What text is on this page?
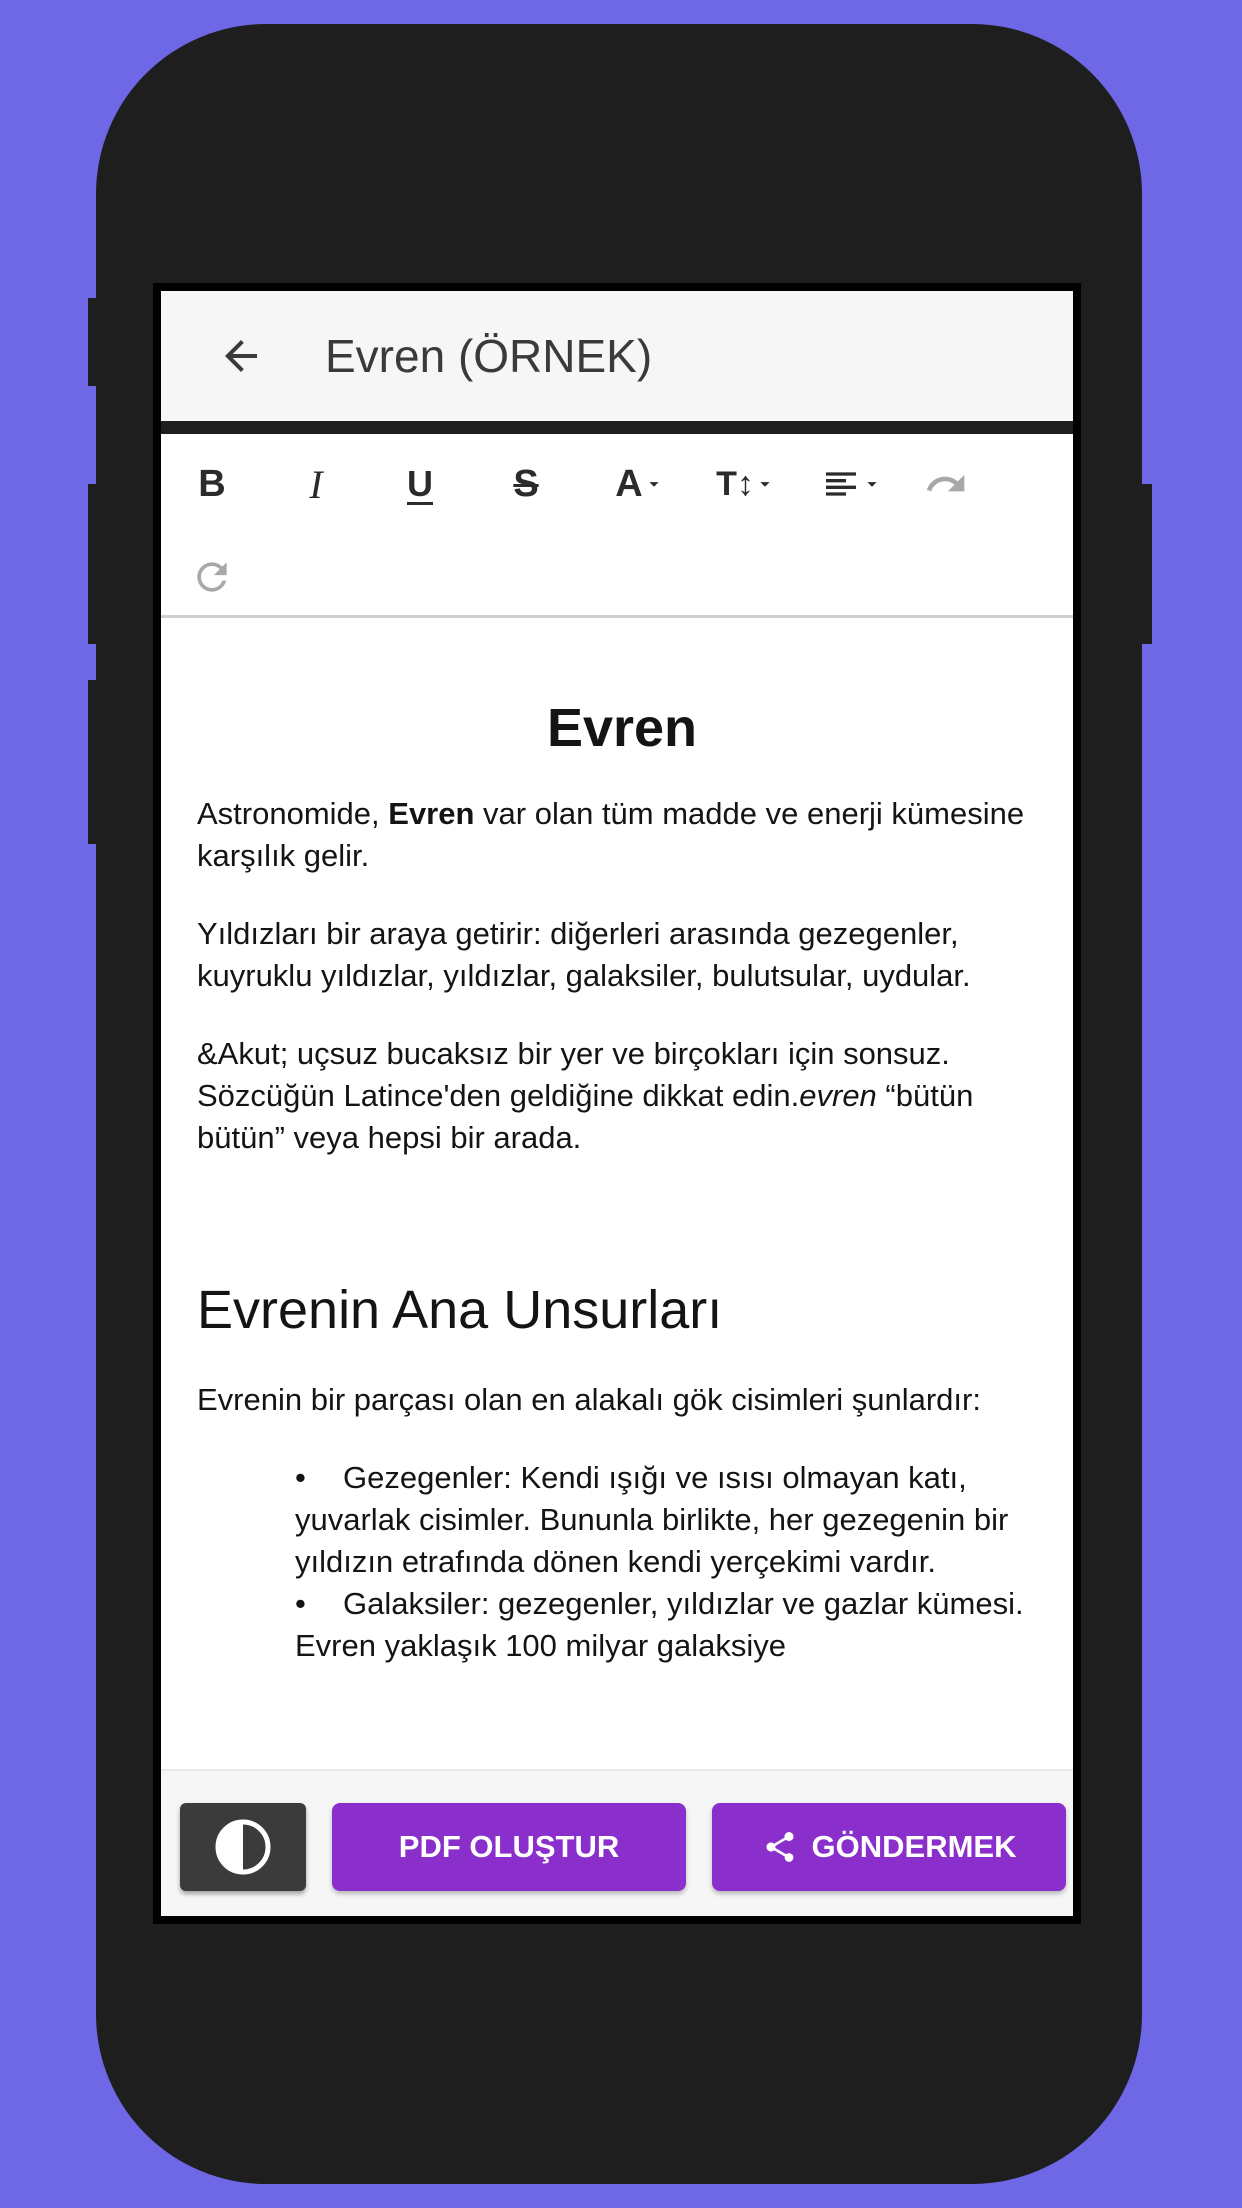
Evren (ÖRNEK)
B I U S A T↕
Evren

Astronomide, Evren var olan tüm madde ve enerji kümesine karşılık gelir.

Yıldızları bir araya getirir: diğerleri arasında gezegenler, kuyruklu yıldızlar, yıldızlar, galaksiler, bulutsular, uydular.

&Akut; uçsuz bucaksız bir yer ve birçokları için sonsuz. Sözcüğün Latince'den geldiğine dikkat edin.evren “bütün bütün” veya hepsi bir arada.

Evrenin Ana Unsurları

Evrenin bir parçası olan en alakalı gök cisimleri şunlardır:

• Gezegenler: Kendi ışığı ve ısısı olmayan katı, yuvarlak cisimler. Bununla birlikte, her gezegenin bir yıldızın etrafında dönen kendi yerçekimi vardır.
• Galaksiler: gezegenler, yıldızlar ve gazlar kümesi. Evren yaklaşık 100 milyar galaksiye
PDF OLUŞTUR	GÖNDERMEK
